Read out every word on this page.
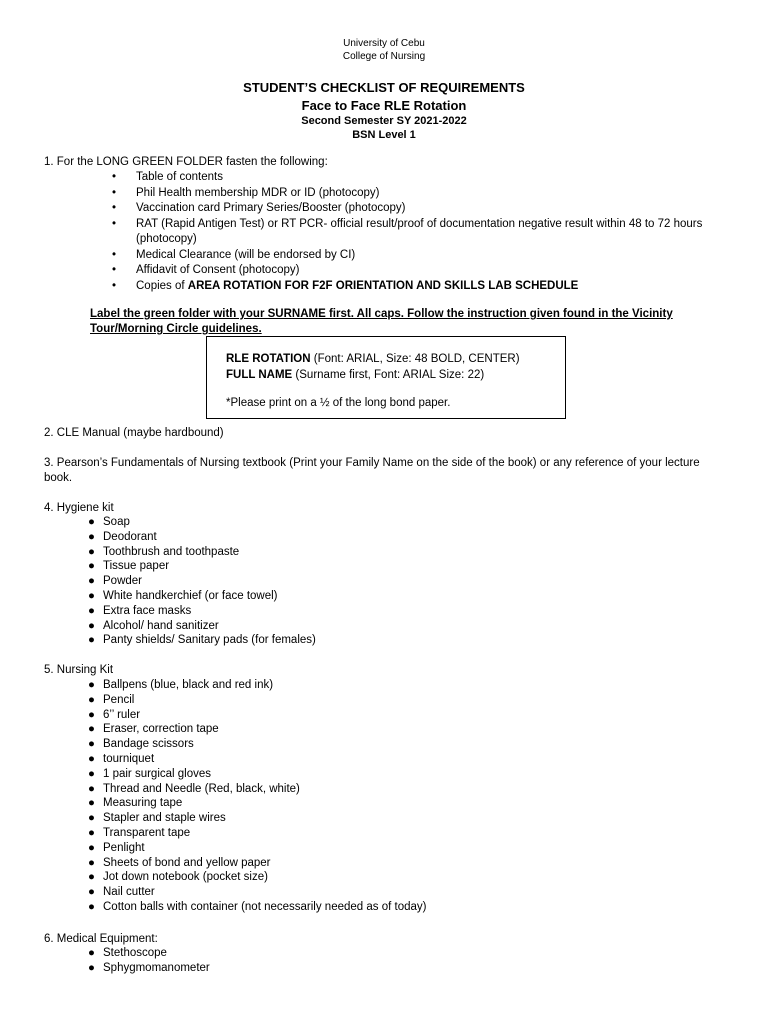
University of Cebu
College of Nursing
STUDENT’S CHECKLIST OF REQUIREMENTS
Face to Face RLE Rotation
Second Semester SY 2021-2022
BSN Level 1
1. For the LONG GREEN FOLDER fasten the following:
• Table of contents
• Phil Health membership MDR or ID (photocopy)
• Vaccination card Primary Series/Booster (photocopy)
• RAT (Rapid Antigen Test) or RT PCR- official result/proof of documentation negative result within 48 to 72 hours (photocopy)
• Medical Clearance (will be endorsed by CI)
• Affidavit of Consent (photocopy)
• Copies of AREA ROTATION FOR F2F ORIENTATION AND SKILLS LAB SCHEDULE
Label the green folder with your SURNAME first. All caps. Follow the instruction given found in the Vicinity Tour/Morning Circle guidelines.
RLE ROTATION (Font: ARIAL, Size: 48 BOLD, CENTER)
FULL NAME (Surname first, Font: ARIAL Size: 22)
*Please print on a ½ of the long bond paper.
2. CLE Manual (maybe hardbound)
3. Pearson’s Fundamentals of Nursing textbook (Print your Family Name on the side of the book) or any reference of your lecture book.
4. Hygiene kit
● Soap
● Deodorant
● Toothbrush and toothpaste
● Tissue paper
● Powder
● White handkerchief (or face towel)
● Extra face masks
● Alcohol/ hand sanitizer
● Panty shields/ Sanitary pads (for females)
5. Nursing Kit
● Ballpens (blue, black and red ink)
● Pencil
● 6’’ ruler
● Eraser, correction tape
● Bandage scissors
● tourniquet
● 1 pair surgical gloves
● Thread and Needle (Red, black, white)
● Measuring tape
● Stapler and staple wires
● Transparent tape
● Penlight
● Sheets of bond and yellow paper
● Jot down notebook (pocket size)
● Nail cutter
● Cotton balls with container (not necessarily needed as of today)
6. Medical Equipment:
● Stethoscope
● Sphygmomanometer
